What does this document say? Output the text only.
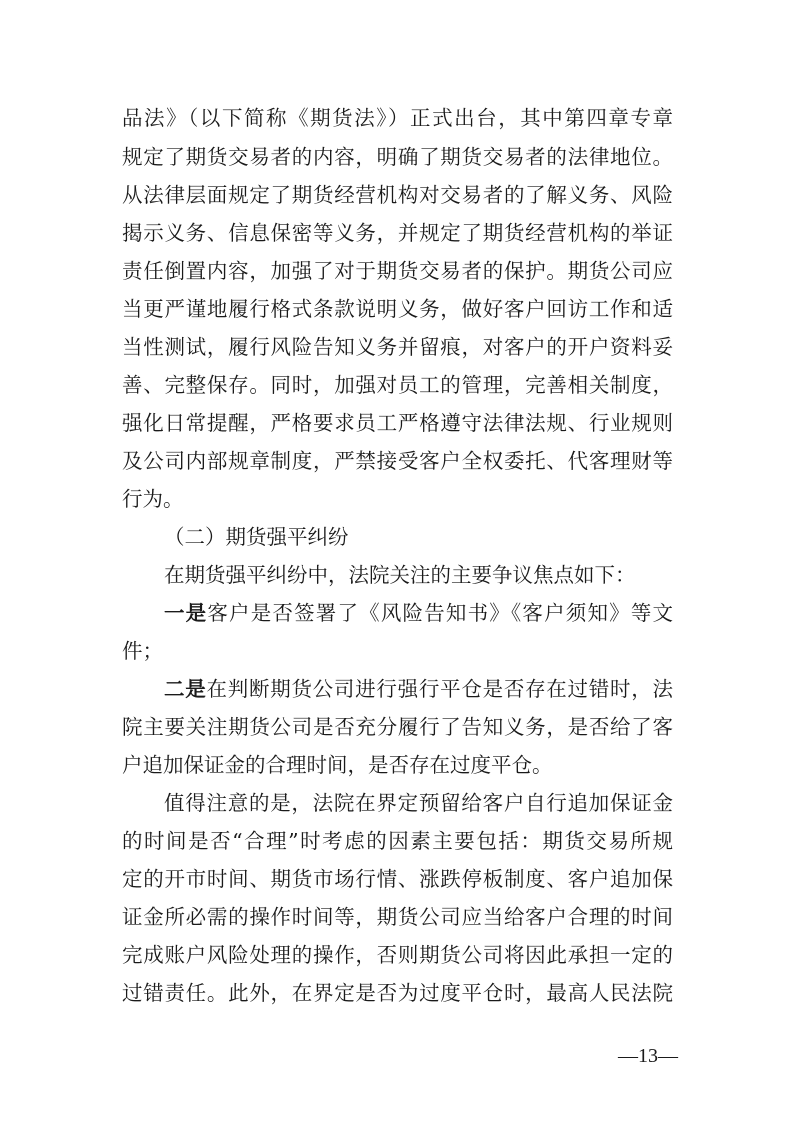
品法》（以下简称《期货法》）正式出台，其中第四章专章
规定了期货交易者的内容，明确了期货交易者的法律地位。
从法律层面规定了期货经营机构对交易者的了解义务、风险
揭示义务、信息保密等义务，并规定了期货经营机构的举证
责任倒置内容，加强了对于期货交易者的保护。期货公司应
当更严谨地履行格式条款说明义务，做好客户回访工作和适
当性测试，履行风险告知义务并留痕，对客户的开户资料妥
善、完整保存。同时，加强对员工的管理，完善相关制度，
强化日常提醒，严格要求员工严格遵守法律法规、行业规则
及公司内部规章制度，严禁接受客户全权委托、代客理财等
行为。
（二）期货强平纠纷
在期货强平纠纷中，法院关注的主要争议焦点如下：
一是客户是否签署了《风险告知书》《客户须知》等文
件；
二是在判断期货公司进行强行平仓是否存在过错时，法
院主要关注期货公司是否充分履行了告知义务，是否给了客
户追加保证金的合理时间，是否存在过度平仓。
值得注意的是，法院在界定预留给客户自行追加保证金
的时间是否“合理”时考虑的因素主要包括：期货交易所规
定的开市时间、期货市场行情、涨跌停板制度、客户追加保
证金所必需的操作时间等，期货公司应当给客户合理的时间
完成账户风险处理的操作，否则期货公司将因此承担一定的
过错责任。此外，在界定是否为过度平仓时，最高人民法院
—13—
